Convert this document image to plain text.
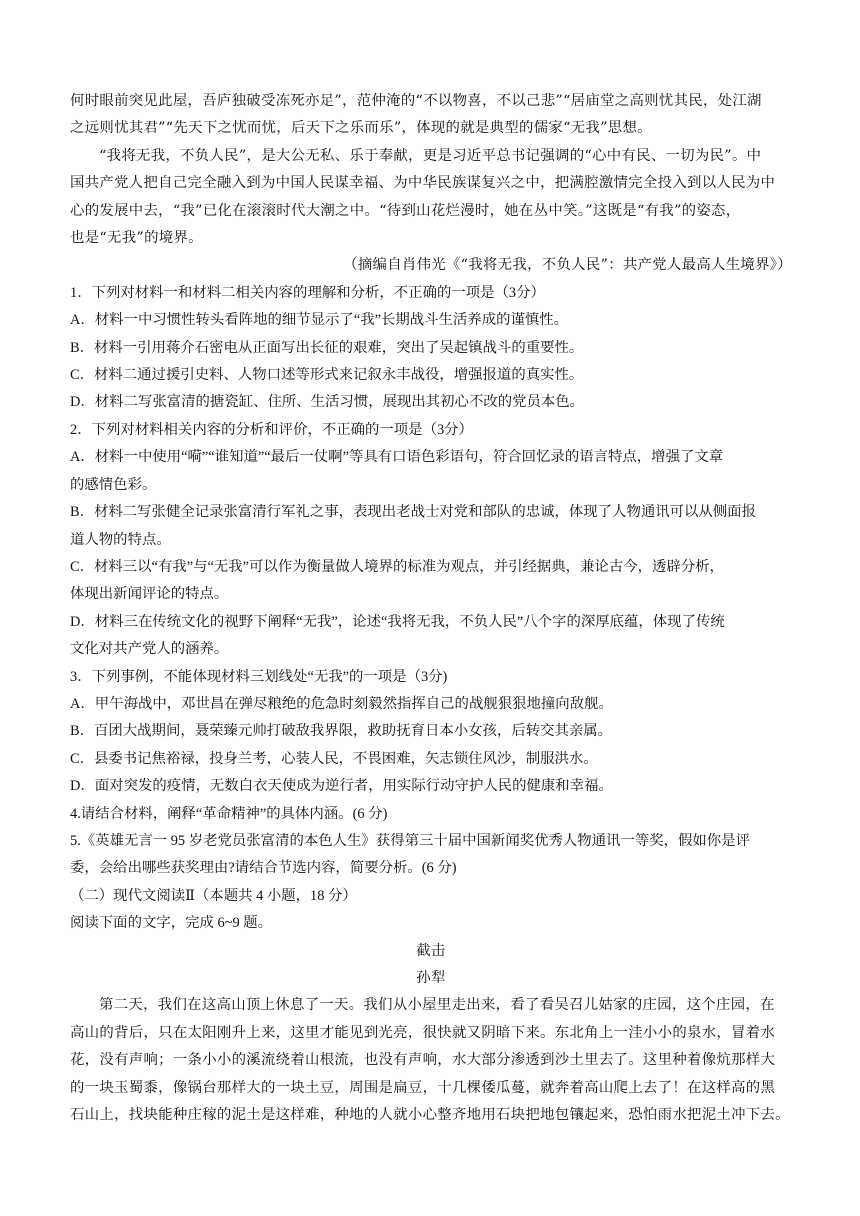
何时眼前突见此屋，吾庐独破受冻死亦足”，范仲淹的“不以物喜，不以己悲”“居庙堂之高则忧其民，处江湖
之远则忧其君”“先天下之忧而忧，后天下之乐而乐”，体现的就是典型的儒家“无我”思想。
“我将无我，不负人民”，是大公无私、乐于奉献，更是习近平总书记强调的“心中有民、一切为民”。中
国共产党人把自己完全融入到为中国人民谋幸福、为中华民族谋复兴之中，把满腔激情完全投入到以人民为中
心的发展中去，“我”已化在滚滚时代大潮之中。“待到山花烂漫时，她在丛中笑。”这既是“有我”的姿态，
也是“无我”的境界。
（摘编自肖伟光《“我将无我，不负人民”：共产党人最高人生境界》）
1．下列对材料一和材料二相关内容的理解和分析，不正确的一项是（3分）
A．材料一中习惯性转头看阵地的细节显示了“我”长期战斗生活养成的谨慎性。
B．材料一引用蒋介石密电从正面写出长征的艰难，突出了吴起镇战斗的重要性。
C．材料二通过援引史料、人物口述等形式来记叙永丰战役，增强报道的真实性。
D．材料二写张富清的搪瓷缸、住所、生活习惯，展现出其初心不改的党员本色。
2．下列对材料相关内容的分析和评价，不正确的一项是（3分）
A．材料一中使用“嗬”“谁知道”“最后一仗啊”等具有口语色彩语句，符合回忆录的语言特点，增强了文章
的感情色彩。
B．材料二写张健全记录张富清行军礼之事，表现出老战士对党和部队的忠诚，体现了人物通讯可以从侧面报
道人物的特点。
C．材料三以“有我”与“无我”可以作为衡量做人境界的标准为观点，并引经据典，兼论古今，透辟分析，
体现出新闻评论的特点。
D．材料三在传统文化的视野下阐释“无我”，论述“我将无我，不负人民”八个字的深厚底蕴，体现了传统
文化对共产党人的涵养。
3．下列事例，不能体现材料三划线处“无我”的一项是（3分)
A．甲午海战中，邓世昌在弹尽粮绝的危急时刻毅然指挥自己的战舰狠狠地撞向敌舰。
B．百团大战期间，聂荣臻元帅打破敌我界限，救助抚育日本小女孩，后转交其亲属。
C．县委书记焦裕禄，投身兰考，心装人民，不畏困难，矢志锁住风沙，制服洪水。
D．面对突发的疫情，无数白衣天使成为逆行者，用实际行动守护人民的健康和幸福。
4.请结合材料，阐释“革命精神”的具体内涵。(6 分)
5.《英雄无言一 95 岁老党员张富清的本色人生》获得第三十届中国新闻奖优秀人物通讯一等奖，假如你是评
委，会给出哪些获奖理由?请结合节选内容，简要分析。(6 分)
（二）现代文阅读Ⅱ（本题共 4 小题，18 分）
阅读下面的文字，完成 6~9 题。
截击
孙犁
第二天，我们在这高山顶上休息了一天。我们从小屋里走出来，看了看吴召儿姑家的庄园，这个庄园，在
高山的背后，只在太阳刚升上来，这里才能见到光亮，很快就又阴暗下来。东北角上一洼小小的泉水，冒着水
花，没有声响；一条小小的溪流绕着山根流，也没有声响，水大部分渗透到沙土里去了。这里种着像炕那样大
的一块玉蜀黍，像锅台那样大的一块土豆，周围是扁豆，十几棵倭瓜蔓，就奔着高山爬上去了！在这样高的黑
石山上，找块能种庄稼的泥土是这样难，种地的人就小心整齐地用石块把地包镶起来，恐怕雨水把泥土冲下去。
